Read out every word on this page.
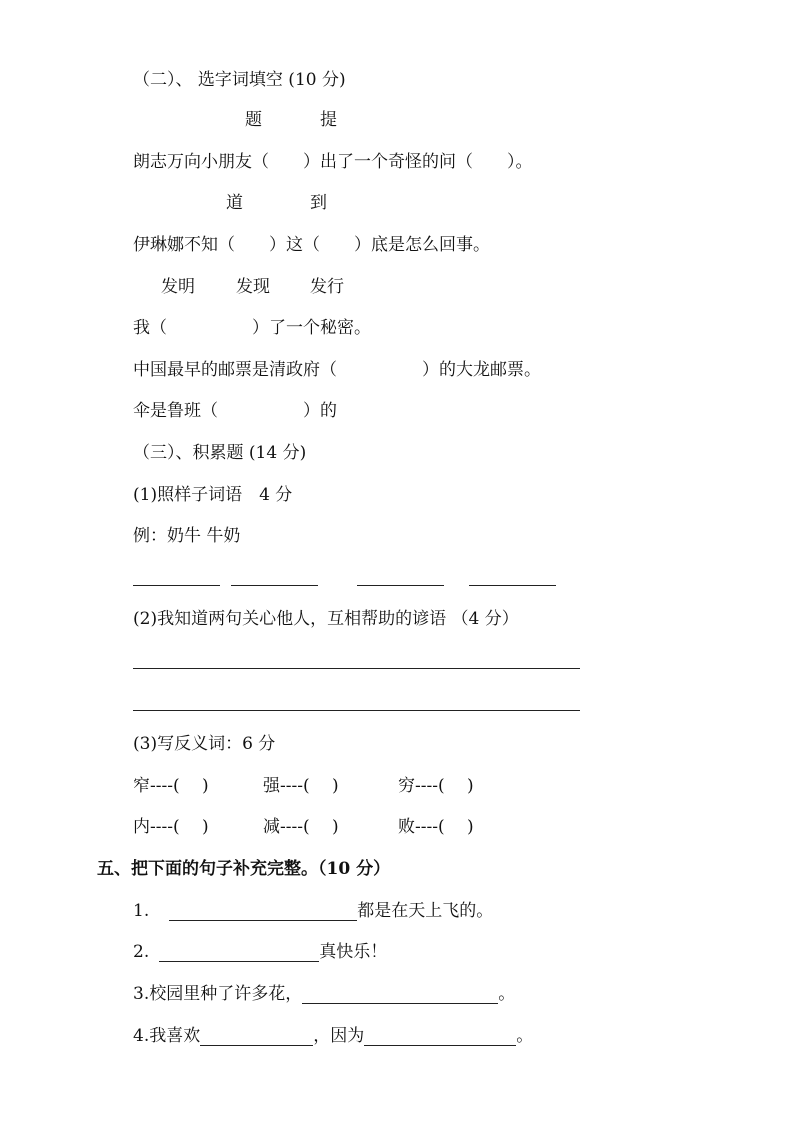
（二）、 选字词填空 (10 分)
题	提
朗志万向小朋友（　　）出了一个奇怪的问（　　）。
道	到
伊琳娜不知（　　）这（　　）底是怎么回事。
发明 发现 发行
我（　　　　　）了一个秘密。
中国最早的邮票是清政府（　　　　　）的大龙邮票。
伞是鲁班（　　　　　）的
（三）、积累题 (14 分)
(1)照样子词语　4 分
例：奶牛 牛奶
(2)我知道两句关心他人，互相帮助的谚语 （4 分）
(3)写反义词：6 分
窄----(　 )	强----(　 )	穷----(　 )
内----(　 )	减----(　 )	败----(　 )
五、把下面的句子补充完整。（10 分）
1.	都是在天上飞的。
2.	真快乐！
3.校园里种了许多花，	。
4.我喜欢	，因为	。
